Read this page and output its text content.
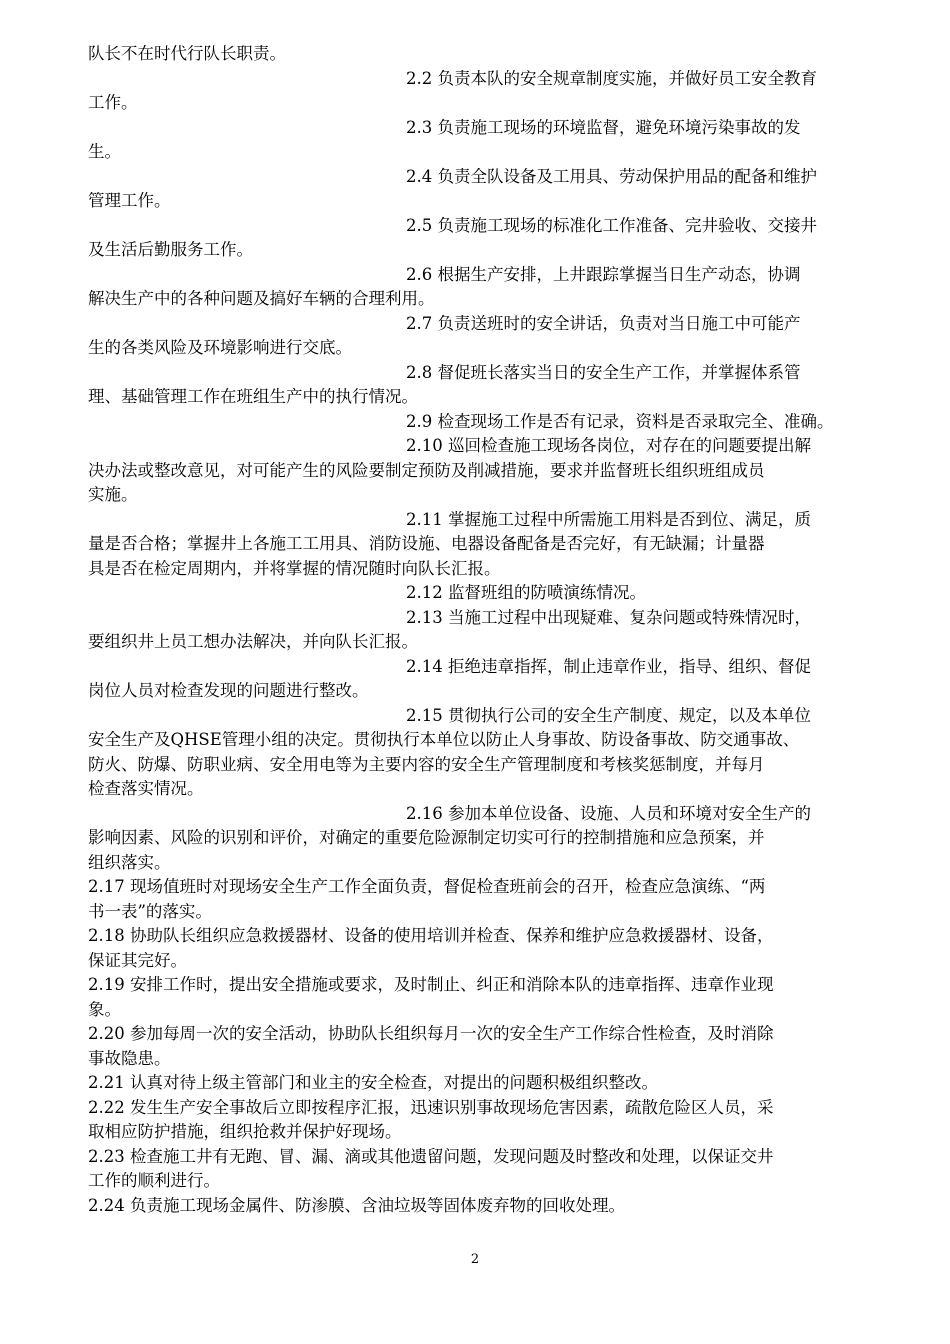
队长不在时代行队长职责。
2.2 负责本队的安全规章制度实施，并做好员工安全教育
工作。
2.3 负责施工现场的环境监督，避免环境污染事故的发
生。
2.4 负责全队设备及工用具、劳动保护用品的配备和维护
管理工作。
2.5 负责施工现场的标准化工作准备、完井验收、交接井
及生活后勤服务工作。
2.6 根据生产安排，上井跟踪掌握当日生产动态，协调
解决生产中的各种问题及搞好车辆的合理利用。
2.7 负责送班时的安全讲话，负责对当日施工中可能产
生的各类风险及环境影响进行交底。
2.8 督促班长落实当日的安全生产工作，并掌握体系管
理、基础管理工作在班组生产中的执行情况。
2.9 检查现场工作是否有记录，资料是否录取完全、准确。
2.10 巡回检查施工现场各岗位，对存在的问题要提出解
决办法或整改意见，对可能产生的风险要制定预防及削减措施，要求并监督班长组织班组成员
实施。
2.11 掌握施工过程中所需施工用料是否到位、满足，质
量是否合格；掌握井上各施工工用具、消防设施、电器设备配备是否完好，有无缺漏；计量器
具是否在检定周期内，并将掌握的情况随时向队长汇报。
2.12 监督班组的防喷演练情况。
2.13 当施工过程中出现疑难、复杂问题或特殊情况时，
要组织井上员工想办法解决，并向队长汇报。
2.14 拒绝违章指挥，制止违章作业，指导、组织、督促
岗位人员对检查发现的问题进行整改。
2.15 贯彻执行公司的安全生产制度、规定，以及本单位
安全生产及QHSE管理小组的决定。贯彻执行本单位以防止人身事故、防设备事故、防交通事故、
防火、防爆、防职业病、安全用电等为主要内容的安全生产管理制度和考核奖惩制度，并每月
检查落实情况。
2.16 参加本单位设备、设施、人员和环境对安全生产的
影响因素、风险的识别和评价，对确定的重要危险源制定切实可行的控制措施和应急预案，并
组织落实。
2.17 现场值班时对现场安全生产工作全面负责，督促检查班前会的召开，检查应急演练、“两
书一表”的落实。
2.18 协助队长组织应急救援器材、设备的使用培训并检查、保养和维护应急救援器材、设备，
保证其完好。
2.19 安排工作时，提出安全措施或要求，及时制止、纠正和消除本队的违章指挥、违章作业现
象。
2.20 参加每周一次的安全活动，协助队长组织每月一次的安全生产工作综合性检查，及时消除
事故隐患。
2.21 认真对待上级主管部门和业主的安全检查，对提出的问题积极组织整改。
2.22 发生生产安全事故后立即按程序汇报，迅速识别事故现场危害因素，疏散危险区人员，采
取相应防护措施，组织抢救并保护好现场。
2.23 检查施工井有无跑、冒、漏、滴或其他遗留问题，发现问题及时整改和处理，以保证交井
工作的顺利进行。
2.24 负责施工现场金属件、防渗膜、含油垃圾等固体废弃物的回收处理。
2
